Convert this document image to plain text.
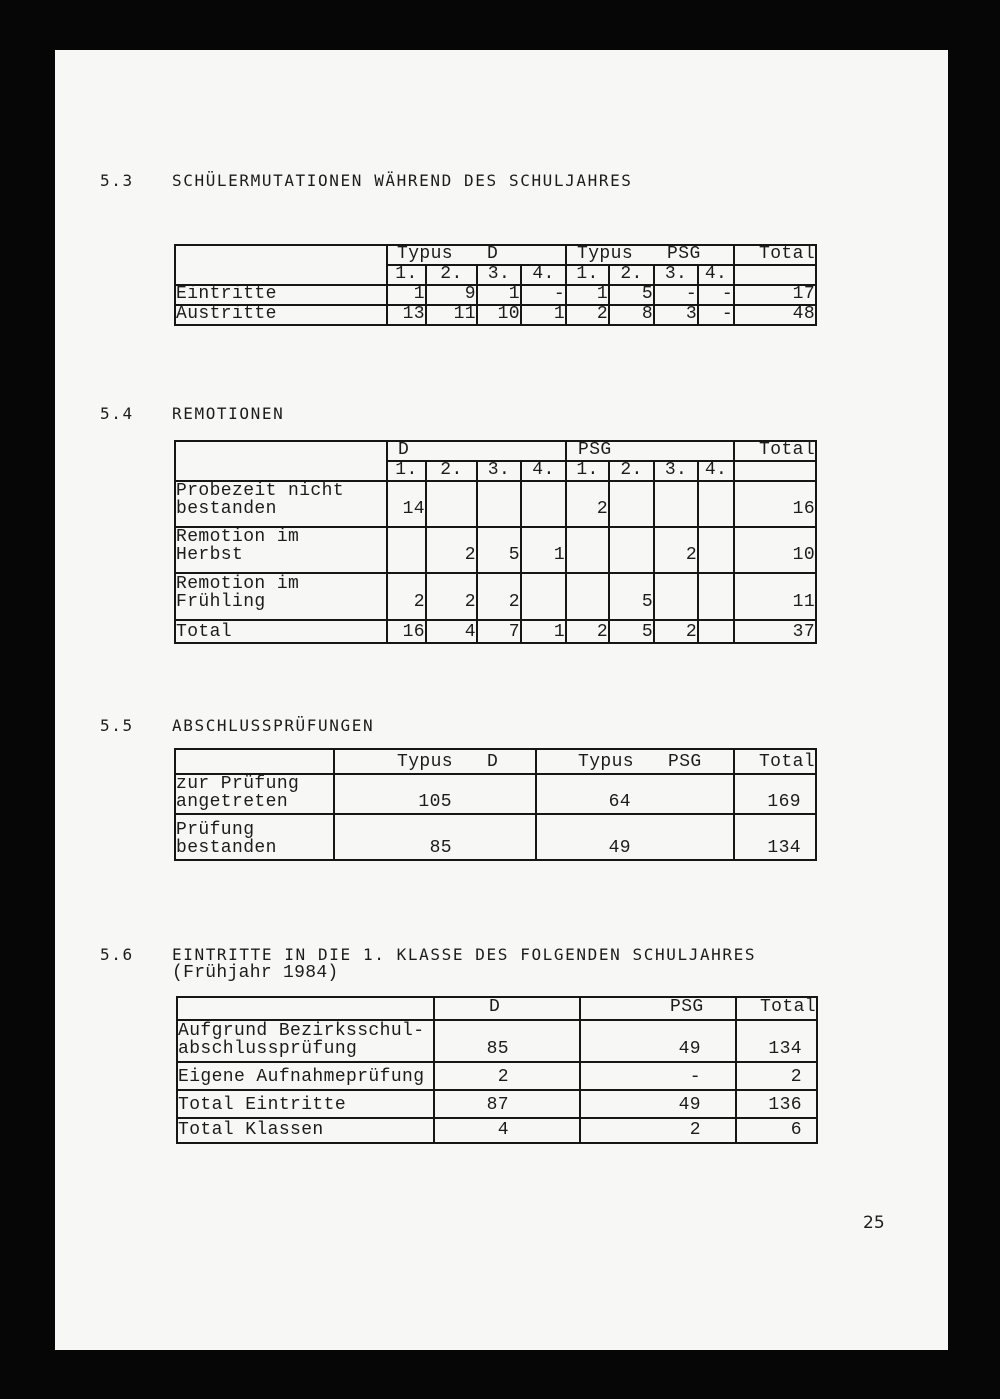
5.3 SCHÜLERMUTATIONEN WÄHREND DES SCHULJAHRES
	Typus D				Typus PSG				Total
	1.	2.	3.	4.	1.	2.	3.	4.	
Eintritte	1	9	1	-	1	5	-	-	17
Austritte	13	11	10	1	2	8	3	-	48
5.4 REMOTIONEN
	D				PSG				Total
	1.	2.	3.	4.	1.	2.	3.	4.	

Probezeit nicht
bestanden	14				2				16

Remotion im
Herbst		2	5	1			2		10

Remotion im
Frühling	2	2	2			5			11
Total	16	4	7	1	2	5	2		37
5.5 ABSCHLUSSPRÜFUNGEN
	Typus D	Typus PSG	Total

zur Prüfung
angetreten	105	64	169

Prüfung
bestanden	85	49	134
5.6 EINTRITTE IN DIE 1. KLASSE DES FOLGENDEN SCHULJAHRES
(Frühjahr 1984)
	D	PSG	Total

Aufgrund Bezirksschul-
abschlussprüfung	85	49	134
Eigene Aufnahmeprüfung	2	-	2
Total Eintritte	87	49	136
Total Klassen	4	2	6
25
